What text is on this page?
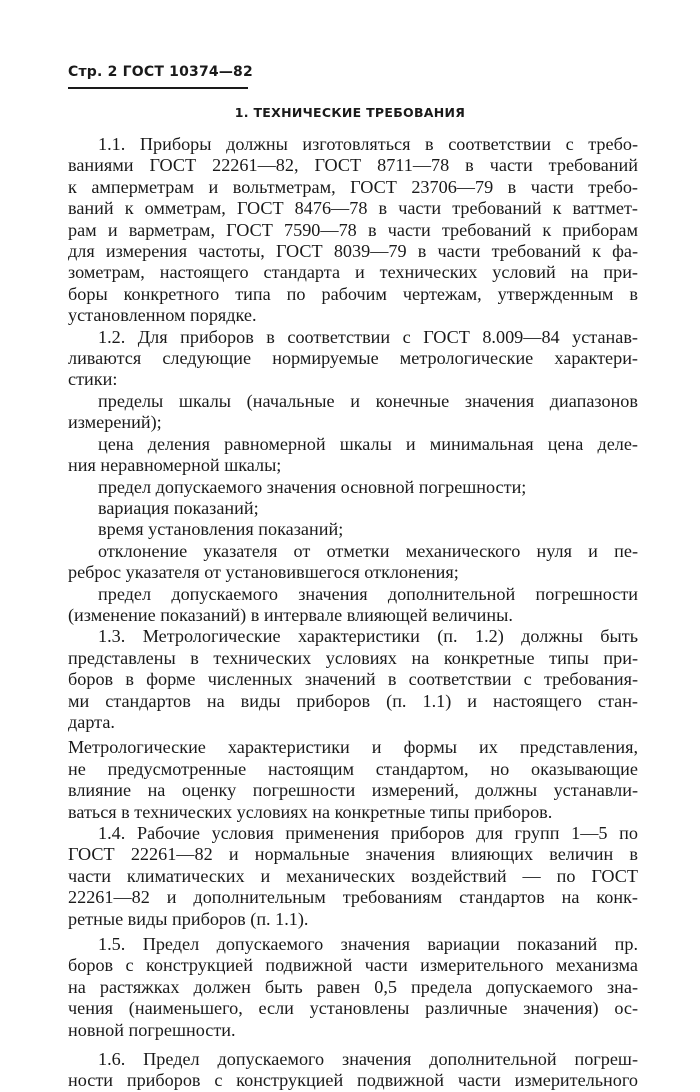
Стр. 2 ГОСТ 10374—82
1. ТЕХНИЧЕСКИЕ ТРЕБОВАНИЯ

1.1. Приборы должны изготовляться в соответствии с требо-

ваниями ГОСТ 22261—82, ГОСТ 8711—78 в части требований

к амперметрам и вольтметрам, ГОСТ 23706—79 в части требо-

ваний к омметрам, ГОСТ 8476—78 в части требований к ваттмет-

рам и варметрам, ГОСТ 7590—78 в части требований к приборам

для измерения частоты, ГОСТ 8039—79 в части требований к фа-

зометрам, настоящего стандарта и технических условий на при-

боры конкретного типа по рабочим чертежам, утвержденным в

установленном порядке.

1.2. Для приборов в соответствии с ГОСТ 8.009—84 устанав-

ливаются следующие нормируемые метрологические характери-

стики:

пределы шкалы (начальные и конечные значения диапазонов

измерений);

цена деления равномерной шкалы и минимальная цена деле-

ния неравномерной шкалы;

предел допускаемого значения основной погрешности;

вариация показаний;

время установления показаний;

отклонение указателя от отметки механического нуля и пе-

реброс указателя от установившегося отклонения;

предел допускаемого значения дополнительной погрешности

(изменение показаний) в интервале влияющей величины.

1.3. Метрологические характеристики (п. 1.2) должны быть

представлены в технических условиях на конкретные типы при-

боров в форме численных значений в соответствии с требования-

ми стандартов на виды приборов (п. 1.1) и настоящего стан-

дарта.

Метрологические характеристики и формы их представления,

не предусмотренные настоящим стандартом, но оказывающие

влияние на оценку погрешности измерений, должны устанавли-

ваться в технических условиях на конкретные типы приборов.

1.4. Рабочие условия применения приборов для групп 1—5 по

ГОСТ 22261—82 и нормальные значения влияющих величин в

части климатических и механических воздействий — по ГОСТ

22261—82 и дополнительным требованиям стандартов на конк-

ретные виды приборов (п. 1.1).

1.5. Предел допускаемого значения вариации показаний пр.

боров с конструкцией подвижной части измерительного механизма

на растяжках должен быть равен 0,5 предела допускаемого зна-

чения (наименьшего, если установлены различные значения) ос-

новной погрешности.

1.6. Предел допускаемого значения дополнительной погреш-

ности приборов с конструкцией подвижной части измерительного
